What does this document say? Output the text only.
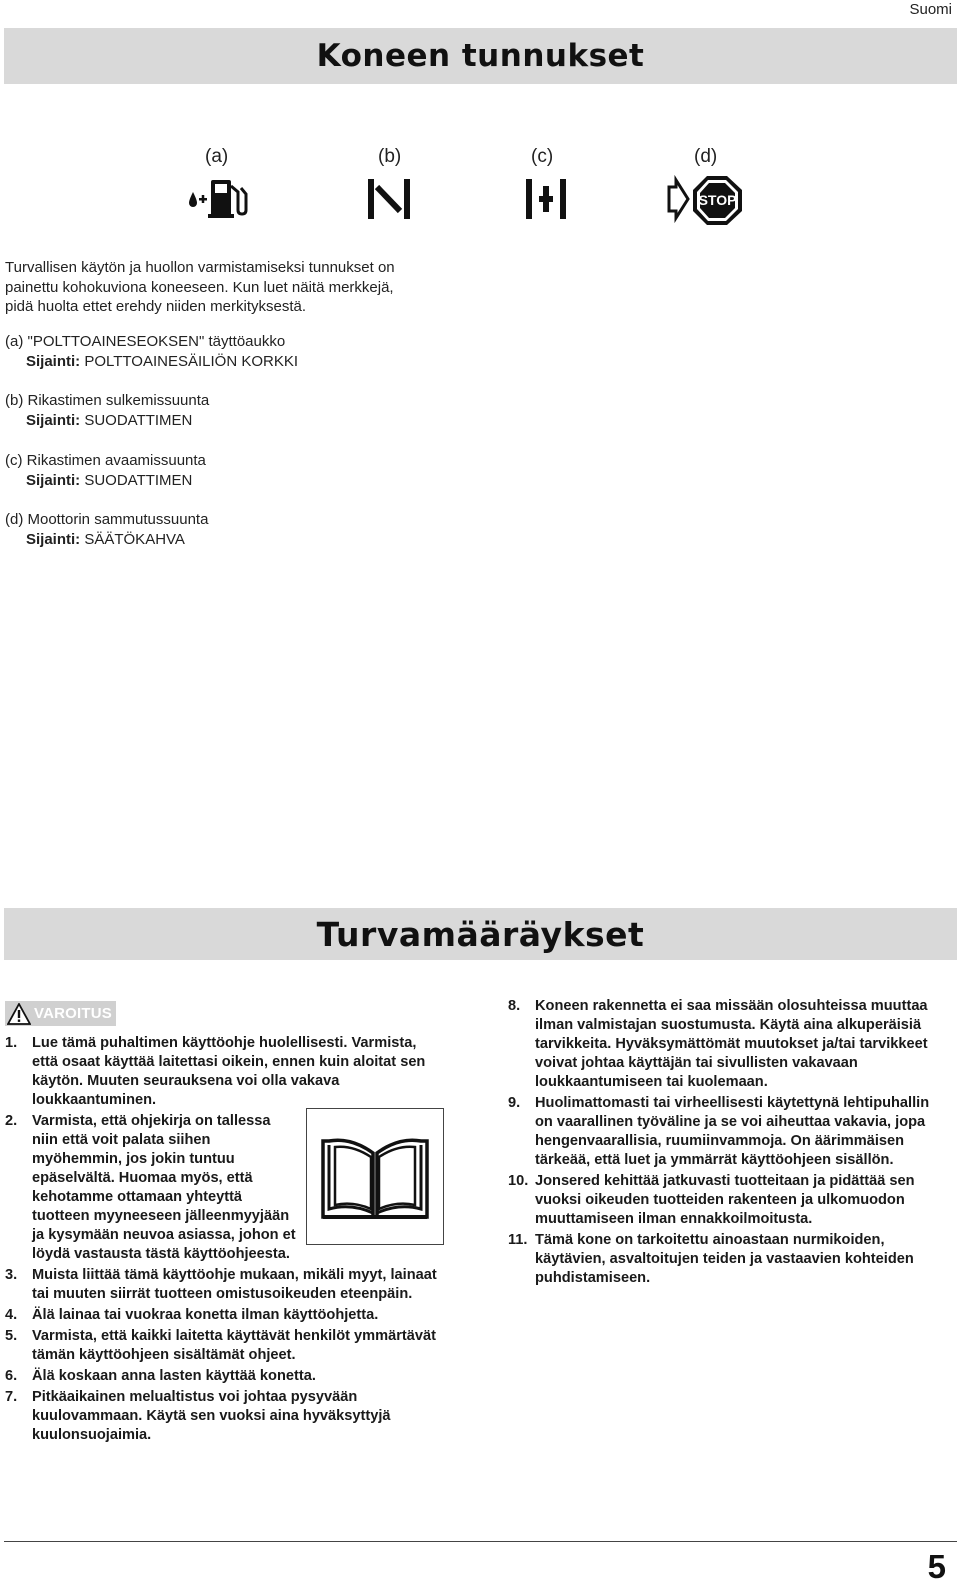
Suomi
Koneen tunnukset
(a)	(b)	(c)	(d)
STOP
Turvallisen käytön ja huollon varmistamiseksi tunnukset on painettu kohokuviona koneeseen. Kun luet näitä merkkejä, pidä huolta ettet erehdy niiden merkityksestä.
(a) "POLTTOAINESEOKSEN" täyttöaukko
Sijainti: POLTTOAINESÄILIÖN KORKKI
(b) Rikastimen sulkemissuunta
Sijainti: SUODATTIMEN
(c) Rikastimen avaamissuunta
Sijainti: SUODATTIMEN
(d) Moottorin sammutussuunta
Sijainti: SÄÄTÖKAHVA
Turvamääräykset
VAROITUS
1. Lue tämä puhaltimen käyttöohje huolellisesti. Varmista, että osaat käyttää laitettasi oikein, ennen kuin aloitat sen käytön. Muuten seurauksena voi olla vakava loukkaantuminen.
2. Varmista, että ohjekirja on tallessa niin että voit palata siihen myöhemmin, jos jokin tuntuu epäselvältä. Huomaa myös, että kehotamme ottamaan yhteyttä tuotteen myyneeseen jälleenmyyjään ja kysymään neuvoa asiassa, johon et löydä vastausta tästä käyttöohjeesta.
3. Muista liittää tämä käyttöohje mukaan, mikäli myyt, lainaat tai muuten siirrät tuotteen omistusoikeuden eteenpäin.
4. Älä lainaa tai vuokraa konetta ilman käyttöohjetta.
5. Varmista, että kaikki laitetta käyttävät henkilöt ymmärtävät tämän käyttöohjeen sisältämät ohjeet.
6. Älä koskaan anna lasten käyttää konetta.
7. Pitkäaikainen melualtistus voi johtaa pysyvään kuulovammaan. Käytä sen vuoksi aina hyväksyttyjä kuulonsuojaimia.
8. Koneen rakennetta ei saa missään olosuhteissa muuttaa ilman valmistajan suostumusta. Käytä aina alkuperäisiä tarvikkeita. Hyväksymättömät muutokset ja/tai tarvikkeet voivat johtaa käyttäjän tai sivullisten vakavaan loukkaantumiseen tai kuolemaan.
9. Huolimattomasti tai virheellisesti käytettynä lehtipuhallin on vaarallinen työväline ja se voi aiheuttaa vakavia, jopa hengenvaarallisia, ruumiinvammoja. On äärimmäisen tärkeää, että luet ja ymmärrät käyttöohjeen sisällön.
10. Jonsered kehittää jatkuvasti tuotteitaan ja pidättää sen vuoksi oikeuden tuotteiden rakenteen ja ulkomuodon muuttamiseen ilman ennakkoilmoitusta.
11. Tämä kone on tarkoitettu ainoastaan nurmikoiden, käytävien, asvaltoitujen teiden ja vastaavien kohteiden puhdistamiseen.
5
